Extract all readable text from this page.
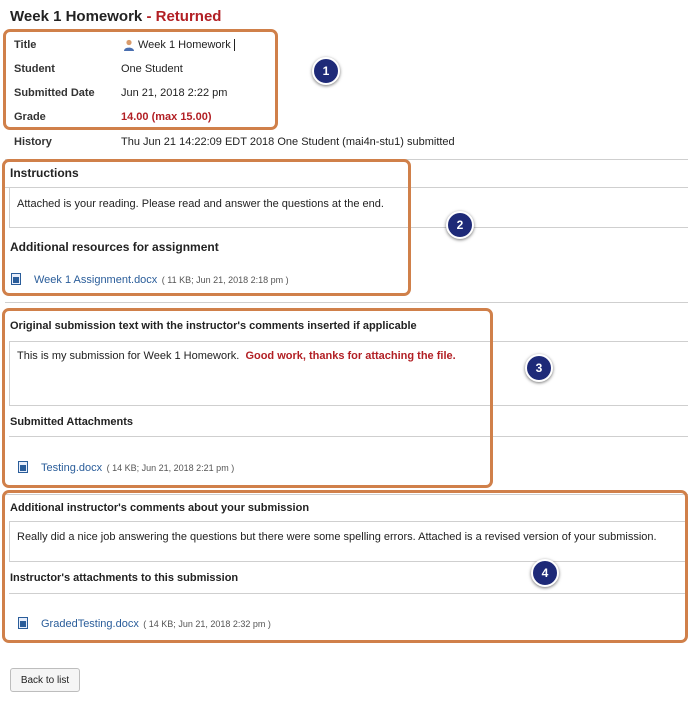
Week 1 Homework - Returned
Title	Week 1 Homework
Student	One Student
Submitted Date Jun 21, 2018 2:22 pm
Grade	14.00 (max 15.00)
History	Thu Jun 21 14:22:09 EDT 2018 One Student (mai4n-stu1) submitted
1
Instructions
Attached is your reading. Please read and answer the questions at the end.
Additional resources for assignment
Week 1 Assignment.docx ( 11 KB; Jun 21, 2018 2:18 pm )
2
Original submission text with the instructor's comments inserted if applicable
This is my submission for Week 1 Homework. Good work, thanks for attaching the file.
Submitted Attachments
Testing.docx ( 14 KB; Jun 21, 2018 2:21 pm )
3
Additional instructor's comments about your submission
Really did a nice job answering the questions but there were some spelling errors. Attached is a revised version of your submission.
Instructor's attachments to this submission
GradedTesting.docx ( 14 KB; Jun 21, 2018 2:32 pm )
4
Back to list
